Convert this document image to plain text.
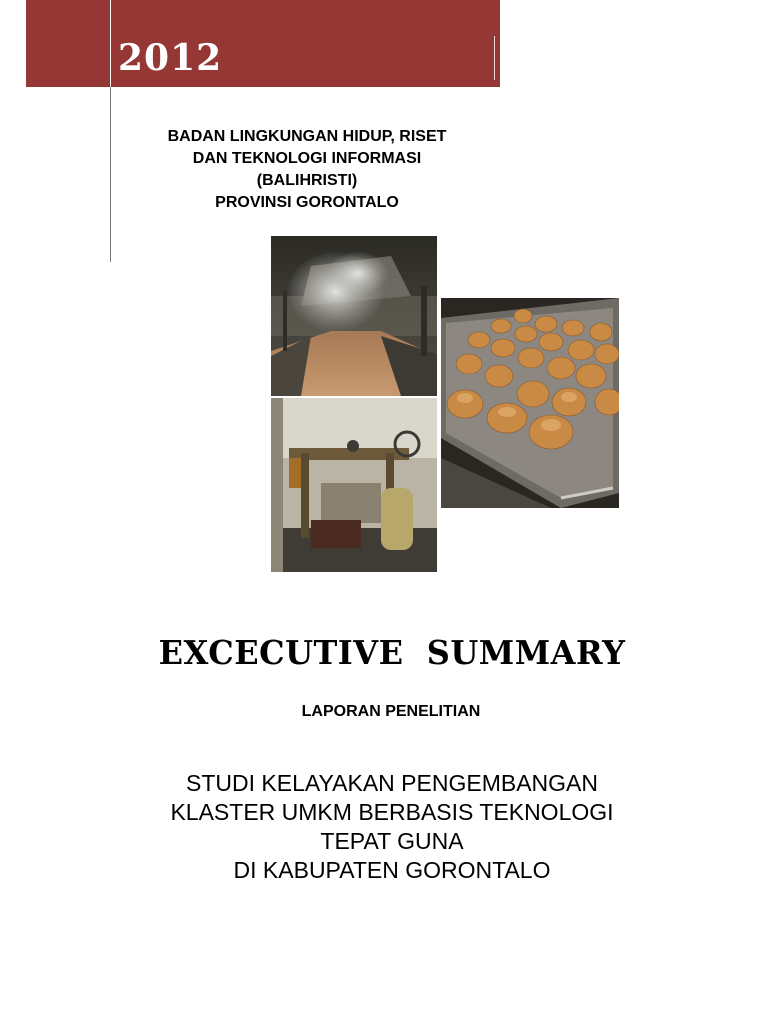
2012
BADAN LINGKUNGAN HIDUP, RISET
DAN TEKNOLOGI INFORMASI
(BALIHRISTI)
PROVINSI GORONTALO
EXCECUTIVE  SUMMARY
LAPORAN PENELITIAN
STUDI KELAYAKAN PENGEMBANGAN
KLASTER UMKM BERBASIS TEKNOLOGI
TEPAT GUNA
DI KABUPATEN GORONTALO
